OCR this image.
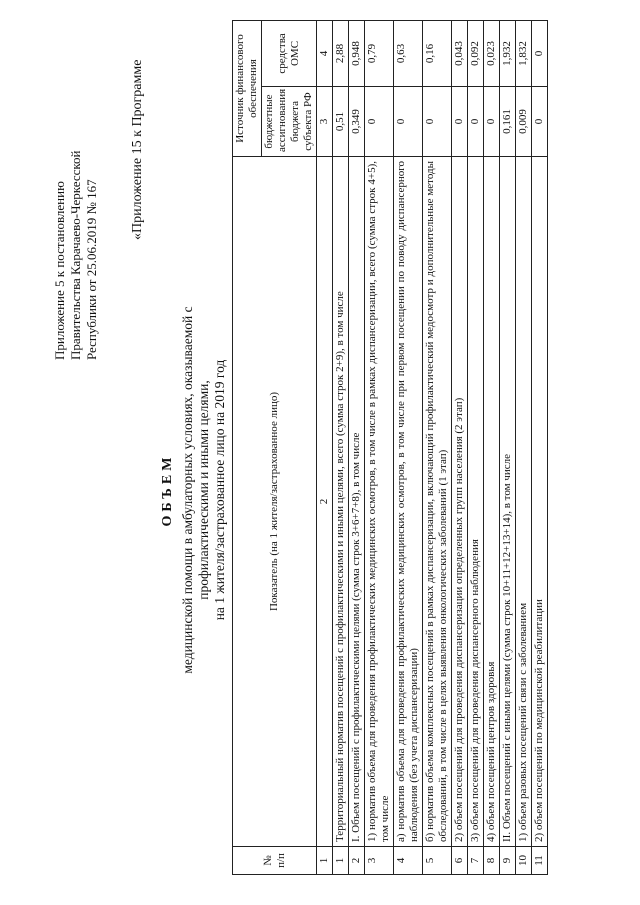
Приложение 5 к постановлению Правительства Карачаево-Черкесской Республики от 25.06.2019 № 167
«Приложение 15 к Программе
ОБЪЕМ медицинской помощи в амбулаторных условиях, оказываемой с профилактическими и иными целями, на 1 жителя/застрахованное лицо на 2019 год
№ п/п	Показатель (на 1 жителя/застрахованное лицо)	Источник финансового обеспечения	
		бюджетные ассигнования бюджета субъекта РФ	средства ОМС
1	2	3	4
1	Территориальный норматив посещений с профилактическими и иными целями, всего (сумма строк 2+9), в том числе	0,51	2,88
2	I. Объем посещений с профилактическими целями (сумма строк 3+6+7+8), в том числе	0,349	0,948
3	1) норматив объема для проведения профилактических медицинских осмотров, в том числе в рамках диспансеризации, всего (сумма строк 4+5), том числе	0	0,79
4	а) норматив объема для проведения профилактических медицинских осмотров, в том числе при первом посещении по поводу диспансерного наблюдения (без учета диспансеризации)	0	0,63
5	б) норматив объема комплексных посещений в рамках диспансеризации, включающий профилактический медосмотр и дополнительные методы обследований, в том числе в целях выявления онкологических заболеваний (1 этап)	0	0,16
6	2) объем посещений для проведения диспансеризации определенных групп населения (2 этап)	0	0,043
7	3) объем посещений для проведения диспансерного наблюдения	0	0,092
8	4) объем посещений центров здоровья	0	0,023
9	II. Объем посещений с иными целями (сумма строк 10+11+12+13+14), в том числе	0,161	1,932
10	1) объем разовых посещений связи с заболеванием	0,009	1,832
11	2) объем посещений по медицинской реабилитации	0	0
